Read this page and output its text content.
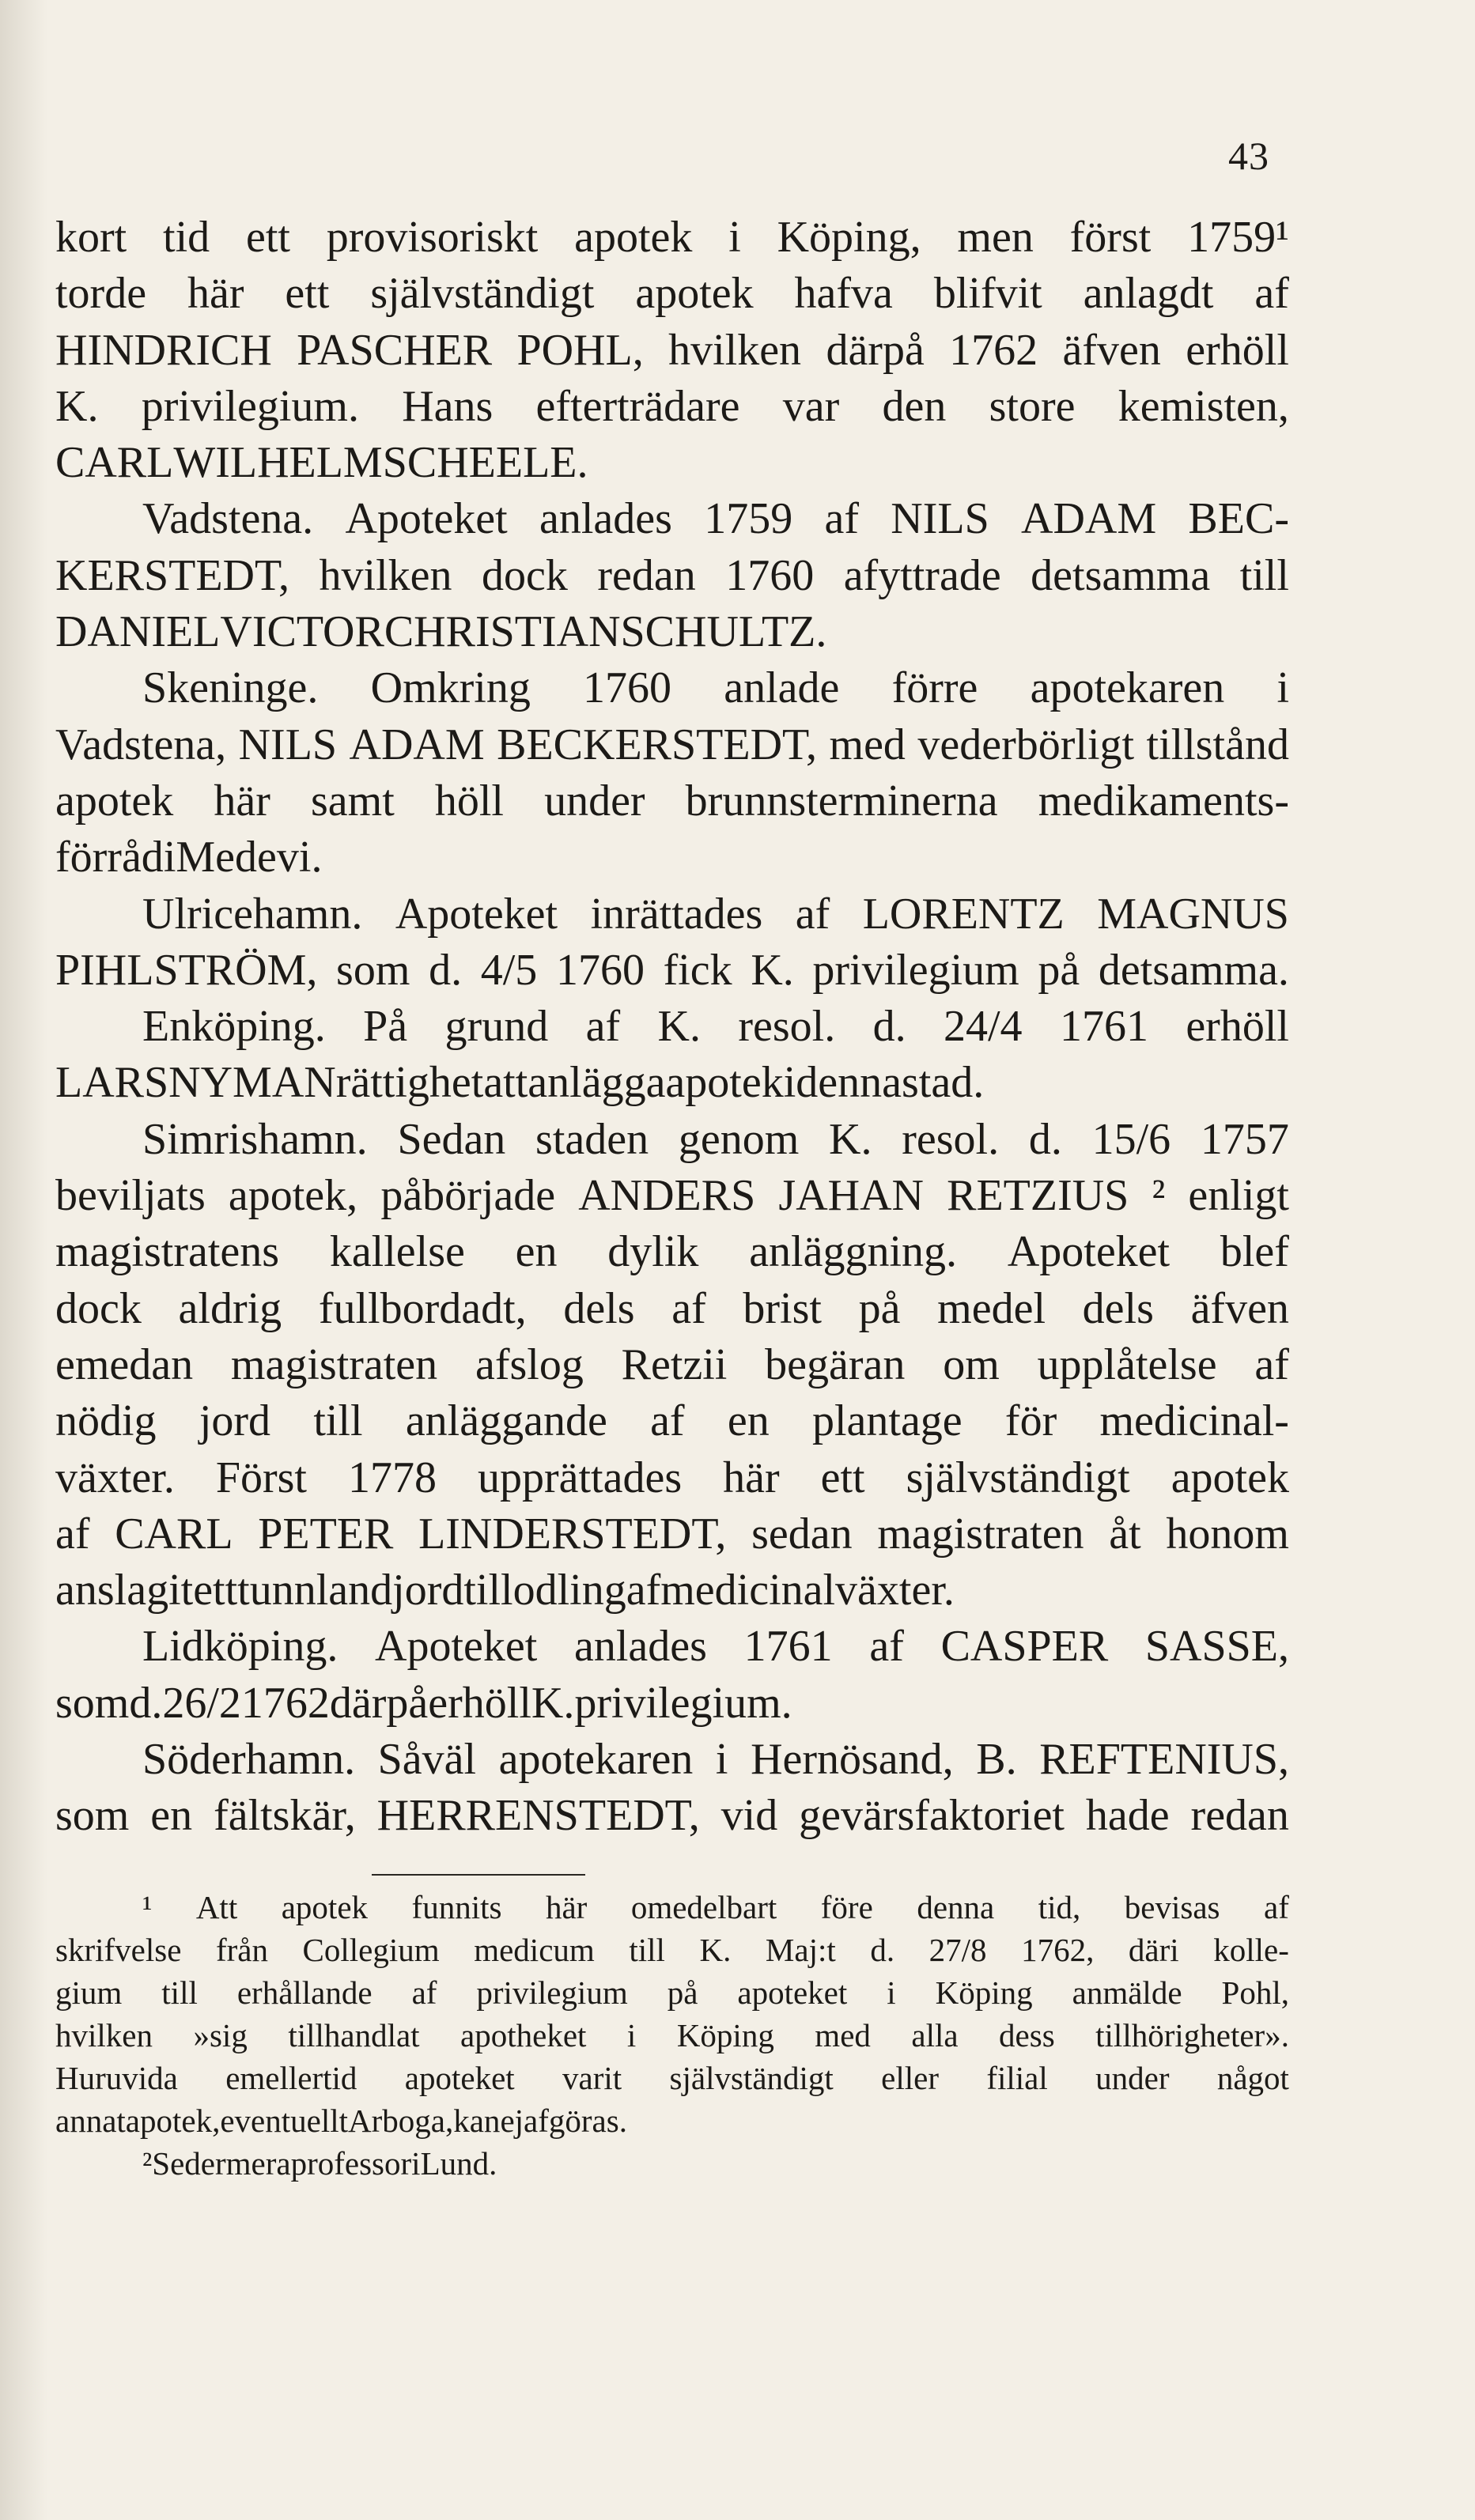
43
kort tid ett provisoriskt apotek i Köping, men först 1759¹
torde här ett självständigt apotek hafva blifvit anlagdt af
HINDRICH PASCHER POHL, hvilken därpå 1762 äfven erhöll
K. privilegium. Hans efterträdare var den store kemisten,
CARL WILHELM SCHEELE.
Vadstena. Apoteket anlades 1759 af NILS ADAM BEC-
KERSTEDT, hvilken dock redan 1760 afyttrade detsamma till
DANIEL VICTOR CHRISTIAN SCHULTZ.
Skeninge. Omkring 1760 anlade förre apotekaren i
Vadstena, NILS ADAM BECKERSTEDT, med vederbörligt tillstånd
apotek här samt höll under brunnsterminerna medikaments-
förråd i Medevi.
Ulricehamn. Apoteket inrättades af LORENTZ MAGNUS
PIHLSTRÖM, som d. 4/5 1760 fick K. privilegium på detsamma.
Enköping. På grund af K. resol. d. 24/4 1761 erhöll
LARS NYMAN rättighet att anlägga apotek i denna stad.
Simrishamn. Sedan staden genom K. resol. d. 15/6 1757
beviljats apotek, påbörjade ANDERS JAHAN RETZIUS ² enligt
magistratens kallelse en dylik anläggning. Apoteket blef
dock aldrig fullbordadt, dels af brist på medel dels äfven
emedan magistraten afslog Retzii begäran om upplåtelse af
nödig jord till anläggande af en plantage för medicinal-
växter. Först 1778 upprättades här ett självständigt apotek
af CARL PETER LINDERSTEDT, sedan magistraten åt honom
anslagit ett tunnland jord till odling af medicinalväxter.
Lidköping. Apoteket anlades 1761 af CASPER SASSE,
som d. 26/2 1762 därpå erhöll K. privilegium.
Söderhamn. Såväl apotekaren i Hernösand, B. REFTENIUS,
som en fältskär, HERRENSTEDT, vid gevärsfaktoriet hade redan
¹ Att apotek funnits här omedelbart före denna tid, bevisas af
skrifvelse från Collegium medicum till K. Maj:t d. 27/8 1762, däri kolle-
gium till erhållande af privilegium på apoteket i Köping anmälde Pohl,
hvilken »sig tillhandlat apotheket i Köping med alla dess tillhörigheter».
Huruvida emellertid apoteket varit självständigt eller filial under något
annat apotek, eventuellt Arboga, kan ej afgöras.
² Sedermera professor i Lund.
